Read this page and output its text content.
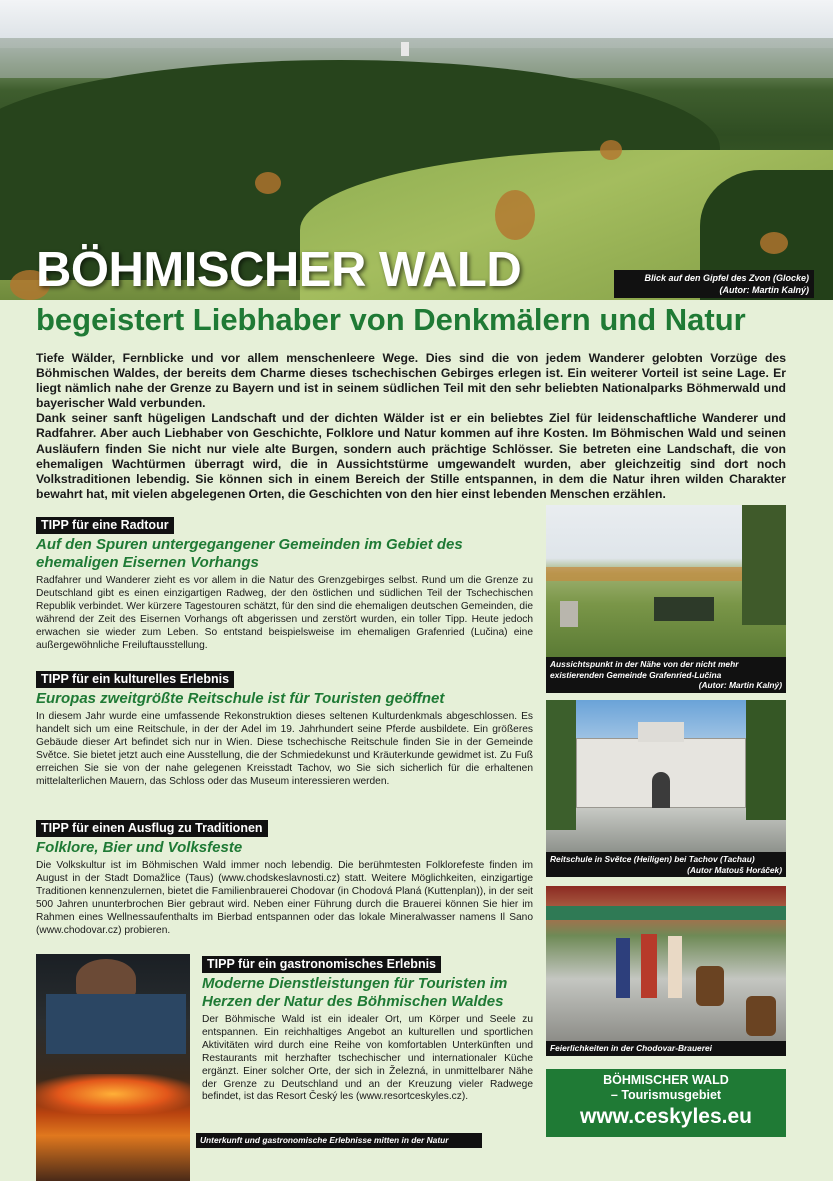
BÖHMISCHER WALD	Blick auf den Gipfel des Zvon (Glocke)
(Autor: Martin Kalný)
begeistert Liebhaber von Denkmälern und Natur

Tiefe Wälder, Fernblicke und vor allem menschenleere Wege. Dies sind die von jedem Wanderer gelobten Vorzüge des Böhmischen Waldes, der bereits dem Charme dieses tschechischen Gebirges erlegen ist. Ein weiterer Vorteil ist seine Lage. Er liegt nämlich nahe der Grenze zu Bayern und ist in seinem südlichen Teil mit den sehr beliebten Nationalparks Böhmerwald und bayerischer Wald verbunden.

Dank seiner sanft hügeligen Landschaft und der dichten Wälder ist er ein beliebtes Ziel für leidenschaftliche Wanderer und Radfahrer. Aber auch Liebhaber von Geschichte, Folklore und Natur kommen auf ihre Kosten. Im Böhmischen Wald und seinen Ausläufern finden Sie nicht nur viele alte Burgen, sondern auch prächtige Schlösser. Sie betreten eine Landschaft, die von ehemaligen Wachtürmen überragt wird, die in Aussichtstürme umgewandelt wurden, aber gleichzeitig sind dort noch Volkstraditionen lebendig. Sie können sich in einem Bereich der Stille entspannen, in dem die Natur ihren wilden Charakter bewahrt hat, mit vielen abgelegenen Orten, die Geschichten von den hier einst lebenden Menschen erzählen.

TIPP für eine Radtour
Auf den Spuren untergegangener Gemeinden im Gebiet des ehemaligen Eisernen Vorhangs
Radfahrer und Wanderer zieht es vor allem in die Natur des Grenzgebirges selbst. Rund um die Grenze zu Deutschland gibt es einen einzigartigen Radweg, der den östlichen und südlichen Teil der Tschechischen Republik verbindet. Wer kürzere Tagestouren schätzt, für den sind die ehemaligen deutschen Gemeinden, die während der Zeit des Eisernen Vorhangs oft abgerissen und zerstört wurden, ein toller Tipp. Heute jedoch erwachen sie wieder zum Leben. So entstand beispielsweise im ehemaligen Grafenried (Lučina) eine außergewöhnliche Freiluftausstellung.
TIPP für ein kulturelles Erlebnis
Europas zweitgrößte Reitschule ist für Touristen geöffnet
In diesem Jahr wurde eine umfassende Rekonstruktion dieses seltenen Kulturdenkmals abgeschlossen. Es handelt sich um eine Reitschule, in der der Adel im 19. Jahrhundert seine Pferde ausbildete. Ein größeres Gebäude dieser Art befindet sich nur in Wien. Diese tschechische Reitschule finden Sie in der Gemeinde Světce. Sie bietet jetzt auch eine Ausstellung, die der Schmiedekunst und Kräuterkunde gewidmet ist. Zu Fuß erreichen Sie sie von der nahe gelegenen Kreisstadt Tachov, wo Sie sich sicherlich für die erhaltenen mittelalterlichen Mauern, das Schloss oder das Museum interessieren werden.
TIPP für einen Ausflug zu Traditionen
Folklore, Bier und Volksfeste
Die Volkskultur ist im Böhmischen Wald immer noch lebendig. Die berühmtesten Folklorefeste finden im August in der Stadt Domažlice (Taus) (www.chodskeslavnosti.cz) statt. Weitere Möglichkeiten, einzigartige Traditionen kennenzulernen, bietet die Familienbrauerei Chodovar (in Chodová Planá (Kuttenplan)), in der seit 500 Jahren ununterbrochen Bier gebraut wird. Neben einer Führung durch die Brauerei können Sie hier im Rahmen eines Wellnessaufenthalts im Bierbad entspannen oder das lokale Mineralwasser namens Il Sano (www.chodovar.cz) probieren.
TIPP für ein gastronomisches Erlebnis
Moderne Dienstleistungen für Touristen im Herzen der Natur des Böhmischen Waldes
Der Böhmische Wald ist ein idealer Ort, um Körper und Seele zu entspannen. Ein reichhaltiges Angebot an kulturellen und sportlichen Aktivitäten wird durch eine Reihe von komfortablen Unterkünften und Restaurants mit herzhafter tschechischer und internationaler Küche ergänzt. Einer solcher Orte, der sich in Železná, in unmittelbarer Nähe der Grenze zu Deutschland und an der Kreuzung vieler Radwege befindet, ist das Resort Český les (www.resortceskyles.cz).
Unterkunft und gastronomische Erlebnisse mitten in der Natur
Aussichtspunkt in der Nähe von der nicht mehr existierenden Gemeinde Grafenried-Lučina
(Autor: Martin Kalný)
Reitschule in Světce (Heiligen) bei Tachov (Tachau)
(Autor Matouš Horáček)
Feierlichkeiten in der Chodovar-Brauerei
BÖHMISCHER WALD
– Tourismusgebiet
www.ceskyles.eu
